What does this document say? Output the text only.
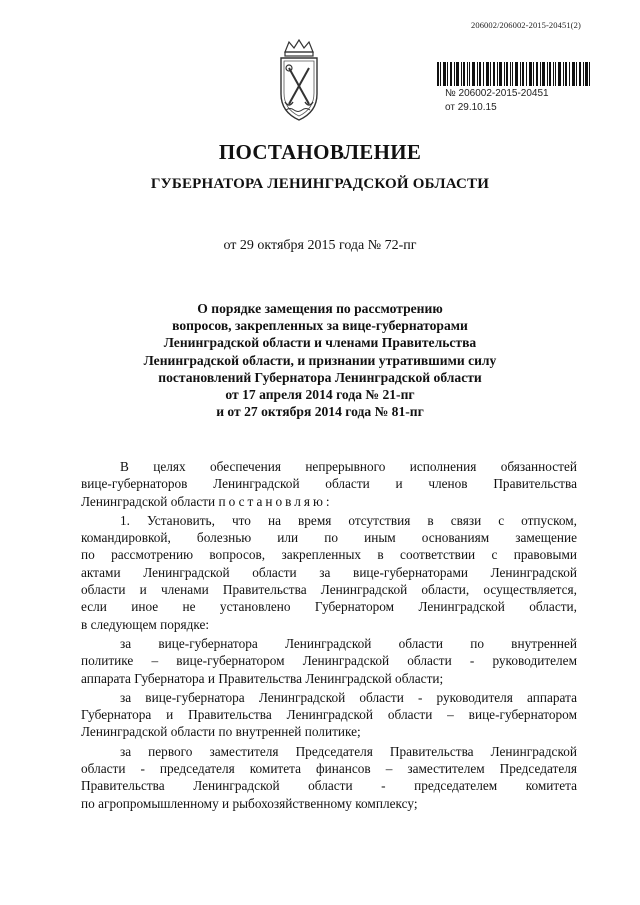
206002/206002-2015-20451(2)
№ 206002-2015-20451
от 29.10.15
ПОСТАНОВЛЕНИЕ
ГУБЕРНАТОРА ЛЕНИНГРАДСКОЙ ОБЛАСТИ
от 29 октября 2015 года № 72-пг
О порядке замещения по рассмотрению
вопросов, закрепленных за вице-губернаторами
Ленинградской области и членами Правительства
Ленинградской области, и признании утратившими силу
постановлений Губернатора Ленинградской области
от 17 апреля 2014 года № 21-пг
и от 27 октября 2014 года № 81-пг
В целях обеспечения непрерывного исполнения обязанностей
вице-губернаторов Ленинградской области и членов Правительства
Ленинградской области постановляю:
1. Установить, что на время отсутствия в связи с отпуском,
командировкой, болезнью или по иным основаниям замещение
по рассмотрению вопросов, закрепленных в соответствии с правовыми
актами Ленинградской области за вице-губернаторами Ленинградской
области и членами Правительства Ленинградской области, осуществляется,
если иное не установлено Губернатором Ленинградской области,
в следующем порядке:
за вице-губернатора Ленинградской области по внутренней
политике – вице-губернатором Ленинградской области - руководителем
аппарата Губернатора и Правительства Ленинградской области;
за вице-губернатора Ленинградской области - руководителя аппарата
Губернатора и Правительства Ленинградской области – вице-губернатором
Ленинградской области по внутренней политике;
за первого заместителя Председателя Правительства Ленинградской
области - председателя комитета финансов – заместителем Председателя
Правительства Ленинградской области - председателем комитета
по агропромышленному и рыбохозяйственному комплексу;
